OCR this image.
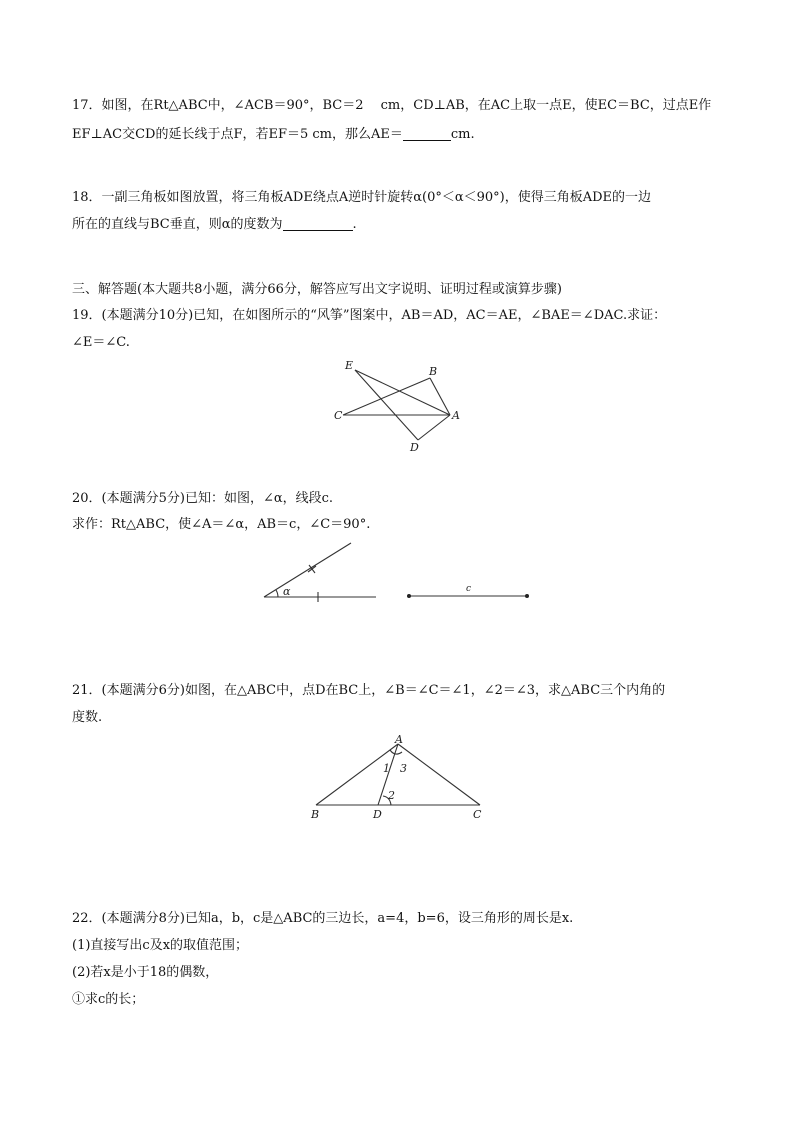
17．如图，在Rt△ABC中，∠ACB＝90°，BC＝2　 cm，CD⊥AB，在AC上取一点E，使EC＝BC，过点E作
EF⊥AC交CD的延长线于点F，若EF＝5 cm，那么AE＝	cm.
18．一副三角板如图放置，将三角板ADE绕点A逆时针旋转α(0°＜α＜90°)，使得三角板ADE的一边
所在的直线与BC垂直，则α的度数为	.
三、解答题(本大题共8小题，满分66分，解答应写出文字说明、证明过程或演算步骤)
19．(本题满分10分)已知，在如图所示的“风筝”图案中，AB＝AD，AC＝AE，∠BAE＝∠DAC.求证：
∠E＝∠C.
E	B
C	A
D
20．(本题满分5分)已知：如图，∠α，线段c.
求作：Rt△ABC，使∠A＝∠α，AB＝c，∠C＝90°.
α	c
21．(本题满分6分)如图，在△ABC中，点D在BC上，∠B＝∠C＝∠1，∠2＝∠3，求△ABC三个内角的
度数.
A
B	D	C
1 3
2
22．(本题满分8分)已知a，b，c是△ABC的三边长，a=4，b=6，设三角形的周长是x.
(1)直接写出c及x的取值范围；
(2)若x是小于18的偶数，
①求c的长；
